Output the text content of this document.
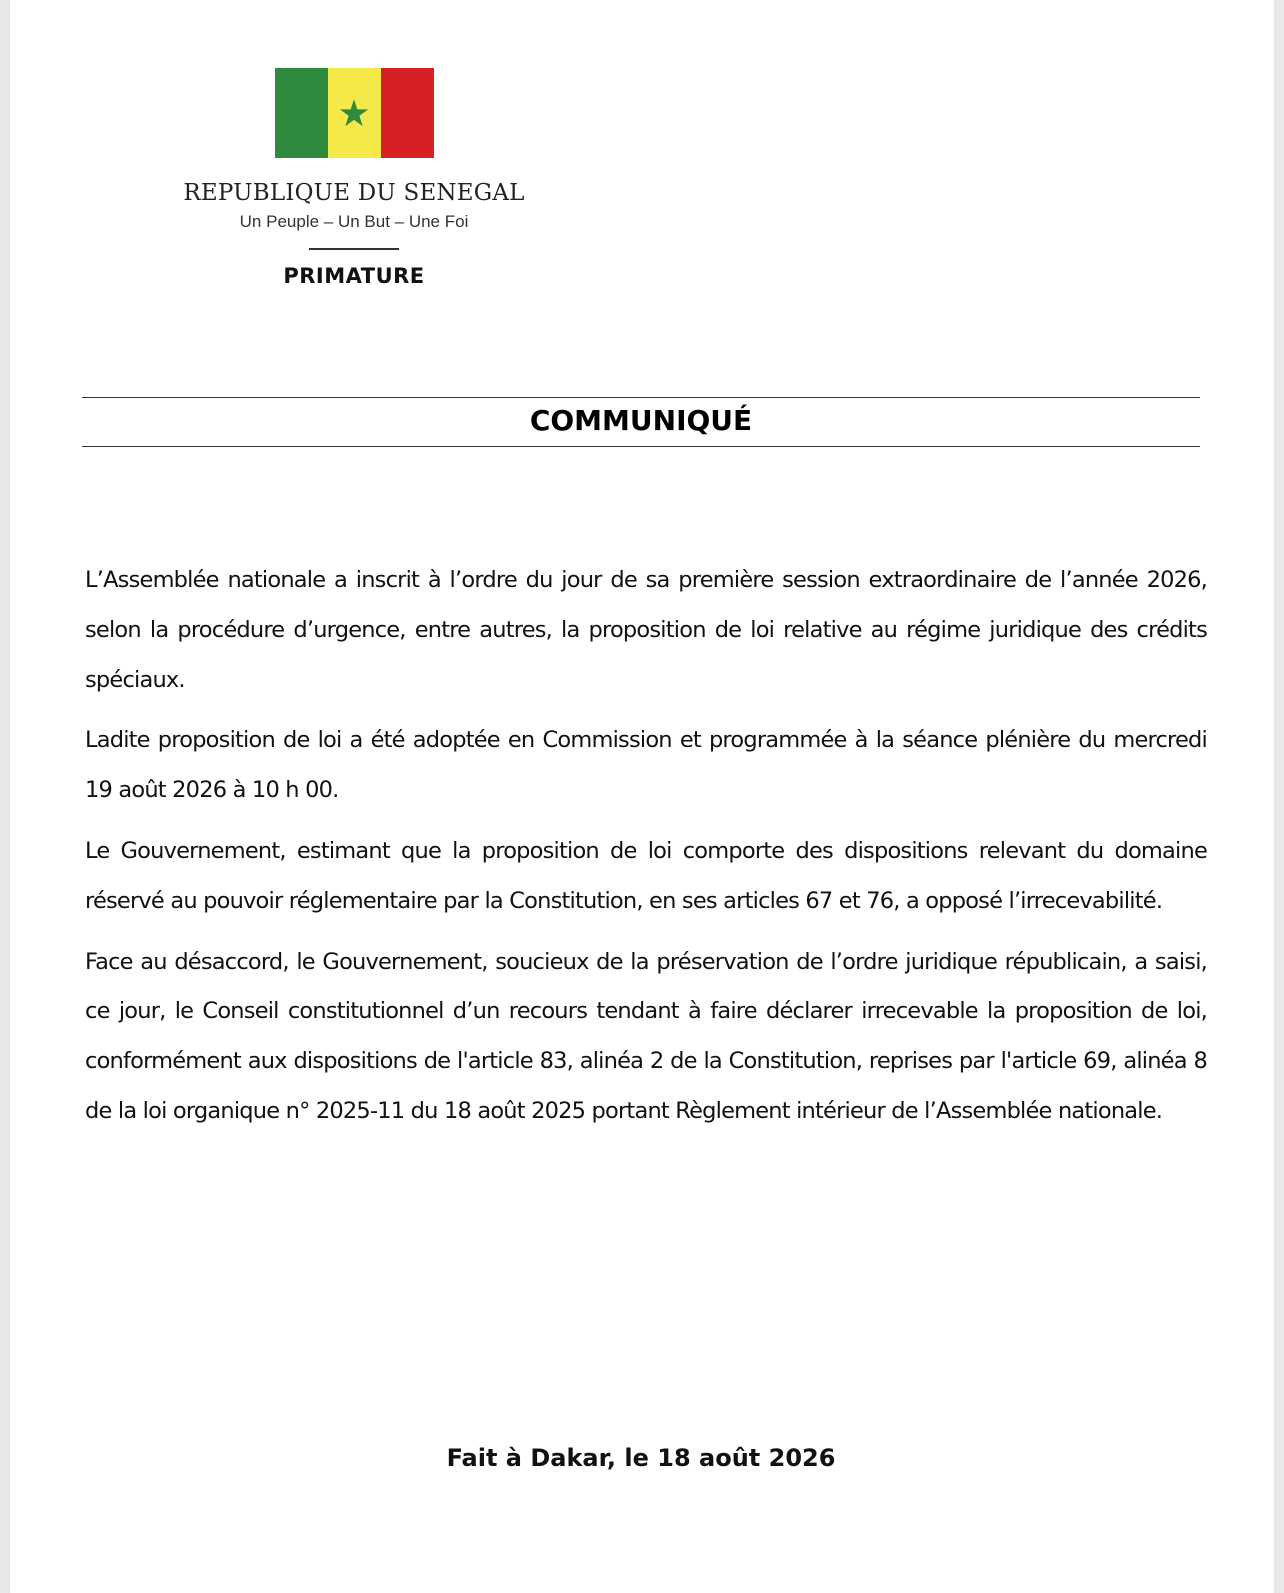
REPUBLIQUE DU SENEGAL
Un Peuple – Un But – Une Foi
PRIMATURE
COMMUNIQUÉ

L’Assemblée nationale a inscrit à l’ordre du jour de sa première session extraordinaire de l’année 2026, selon la procédure d’urgence, entre autres, la proposition de loi relative au régime juridique des crédits spéciaux.

Ladite proposition de loi a été adoptée en Commission et programmée à la séance plénière du mercredi 19 août 2026 à 10 h 00.

Le Gouvernement, estimant que la proposition de loi comporte des dispositions relevant du domaine réservé au pouvoir réglementaire par la Constitution, en ses articles 67 et 76, a opposé l’irrecevabilité.

Face au désaccord, le Gouvernement, soucieux de la préservation de l’ordre juridique républicain, a saisi, ce jour, le Conseil constitutionnel d’un recours tendant à faire déclarer irrecevable la proposition de loi, conformément aux dispositions de l'article 83, alinéa 2 de la Constitution, reprises par l'article 69, alinéa 8 de la loi organique n° 2025-11 du 18 août 2025 portant Règlement intérieur de l’Assemblée nationale.

Fait à Dakar, le 18 août 2026
